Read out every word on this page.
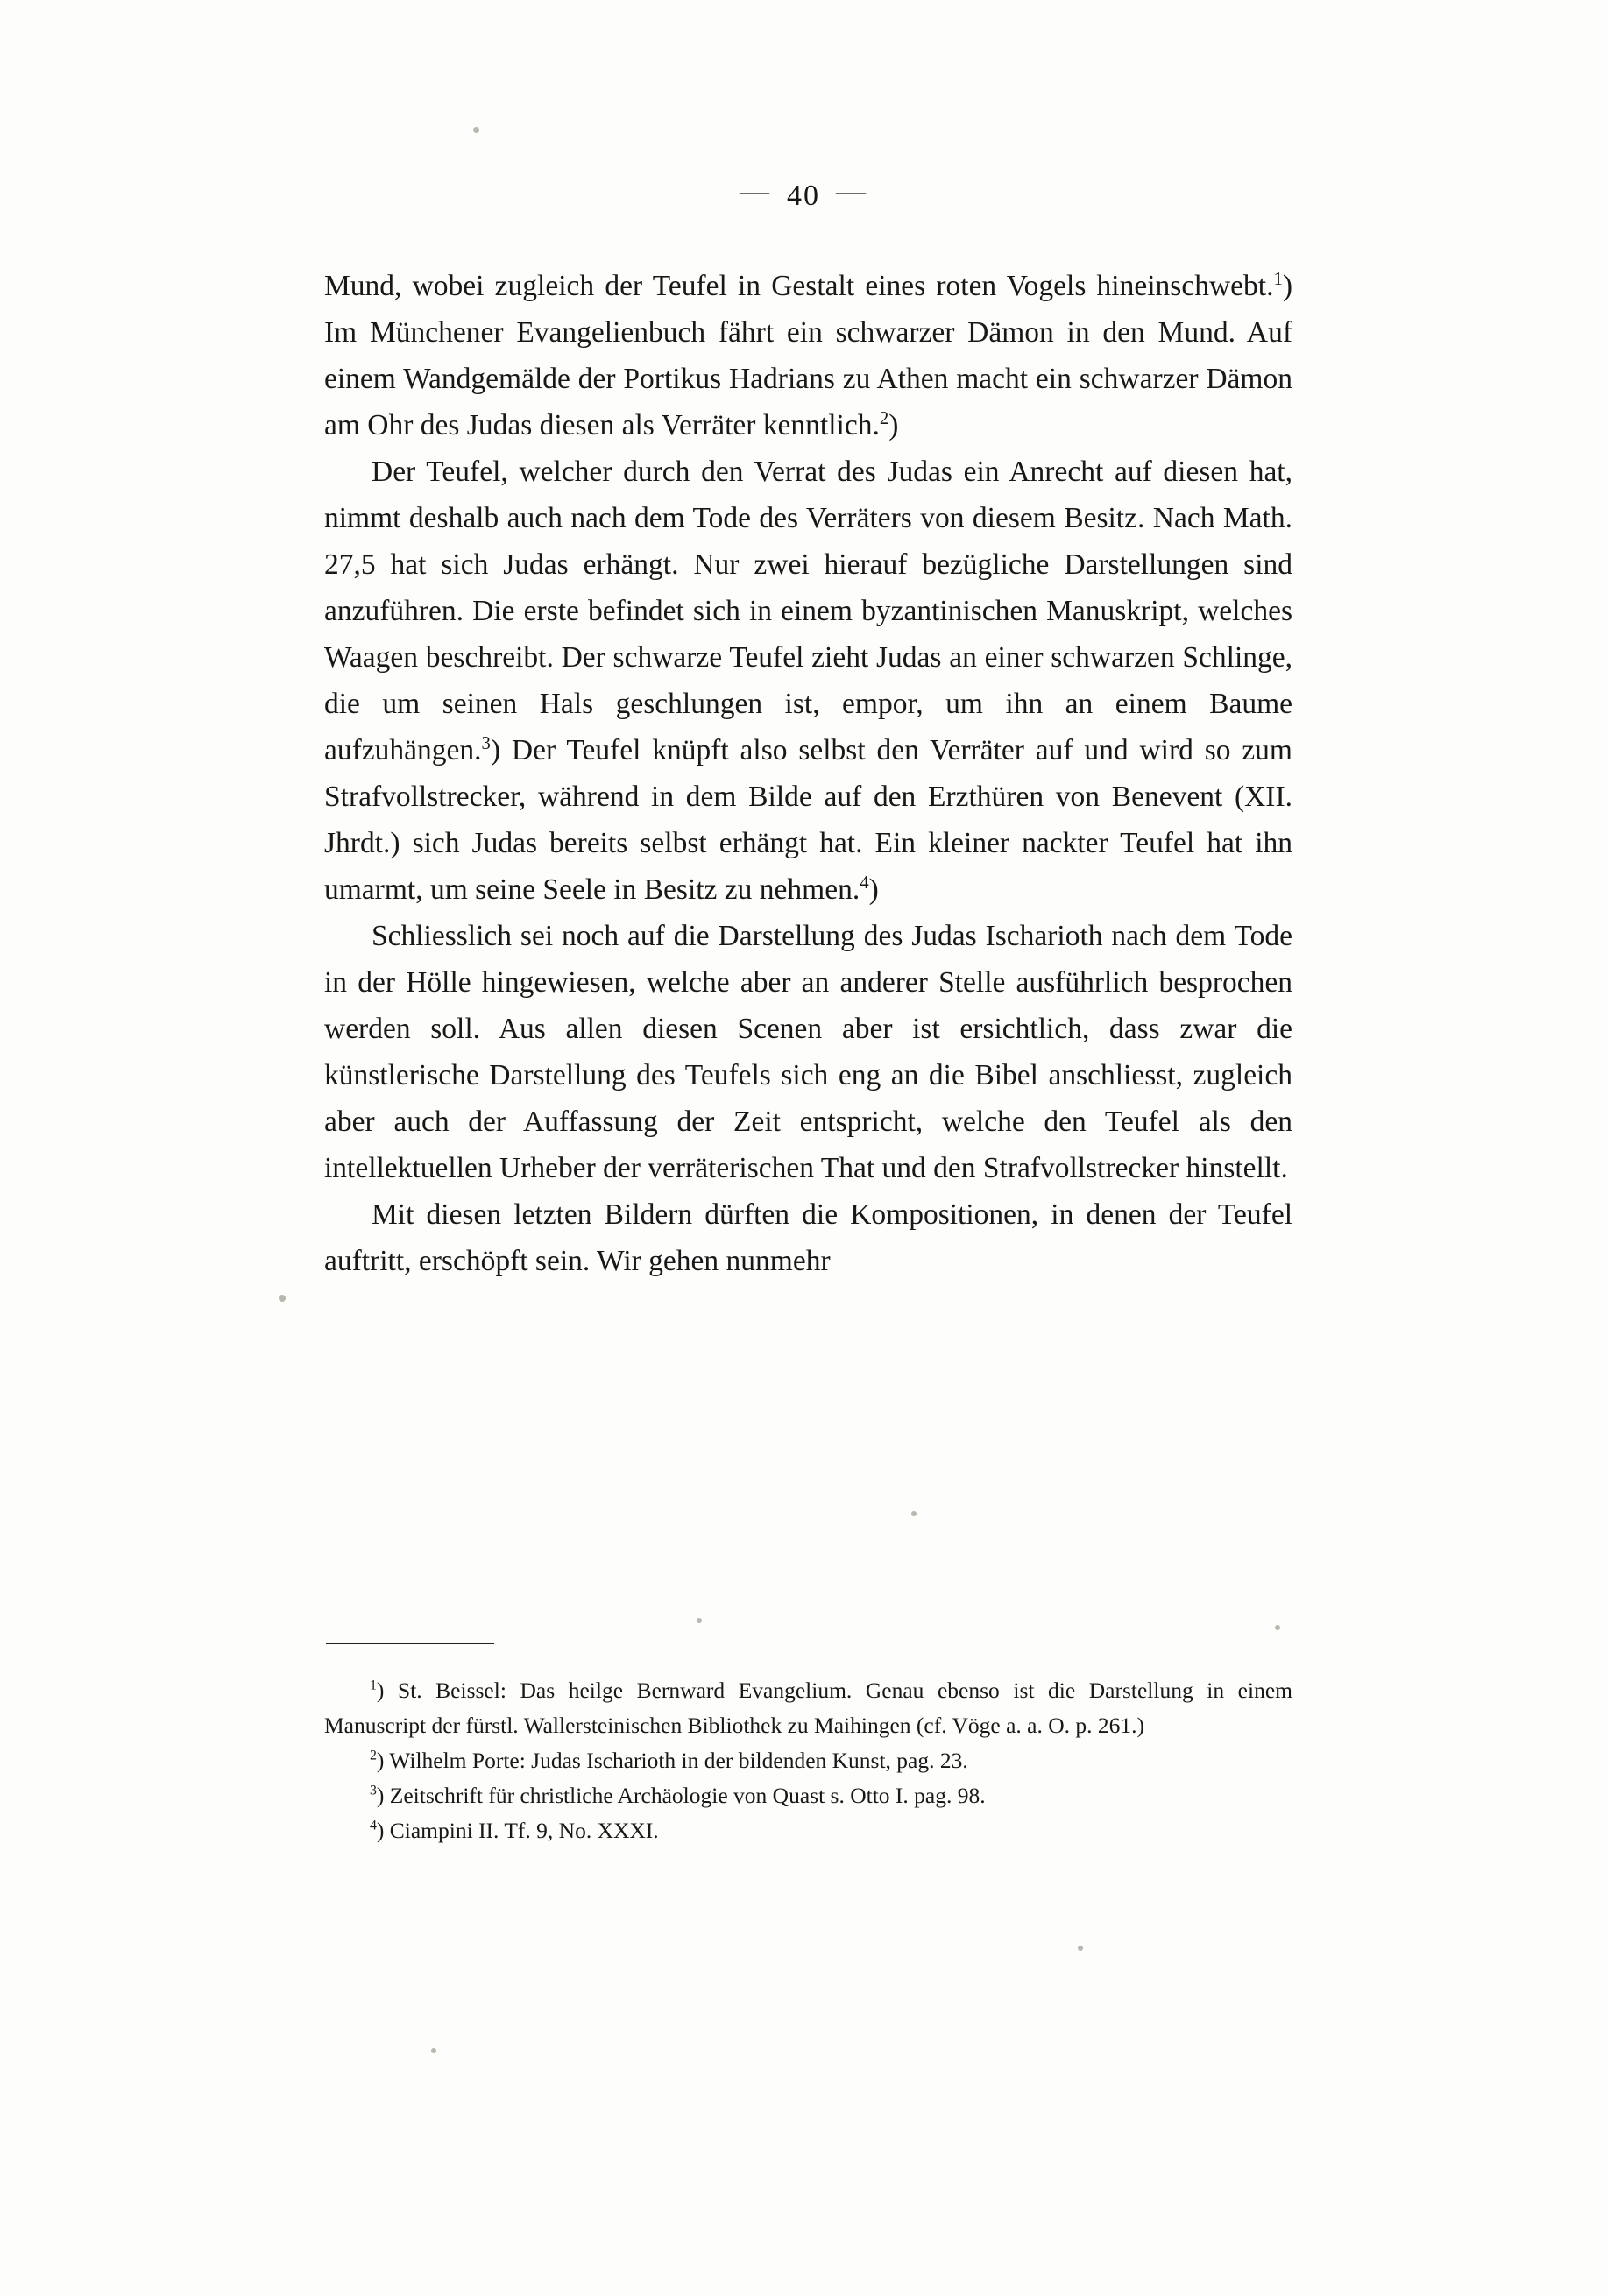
— 40 —

Mund, wobei zugleich der Teufel in Gestalt eines roten Vogels hineinschwebt.$^1$) Im Münchener Evangelienbuch fährt ein schwarzer Dämon in den Mund. Auf einem Wandgemälde der Portikus Hadrians zu Athen macht ein schwarzer Dämon am Ohr des Judas diesen als Verräter kenntlich.$^2$)

Der Teufel, welcher durch den Verrat des Judas ein Anrecht auf diesen hat, nimmt deshalb auch nach dem Tode des Verräters von diesem Besitz. Nach Math. 27,5 hat sich Judas erhängt. Nur zwei hierauf bezügliche Darstellungen sind anzuführen. Die erste befindet sich in einem byzantinischen Manuskript, welches Waagen beschreibt. Der schwarze Teufel zieht Judas an einer schwarzen Schlinge, die um seinen Hals geschlungen ist, empor, um ihn an einem Baume aufzuhängen.$^3$) Der Teufel knüpft also selbst den Verräter auf und wird so zum Strafvollstrecker, während in dem Bilde auf den Erzthüren von Benevent (XII. Jhrdt.) sich Judas bereits selbst erhängt hat. Ein kleiner nackter Teufel hat ihn umarmt, um seine Seele in Besitz zu nehmen.$^4$)

Schliesslich sei noch auf die Darstellung des Judas Ischarioth nach dem Tode in der Hölle hingewiesen, welche aber an anderer Stelle ausführlich besprochen werden soll. Aus allen diesen Scenen aber ist ersichtlich, dass zwar die künstlerische Darstellung des Teufels sich eng an die Bibel anschliesst, zugleich aber auch der Auffassung der Zeit entspricht, welche den Teufel als den intellektuellen Urheber der verräterischen That und den Strafvollstrecker hinstellt.

Mit diesen letzten Bildern dürften die Kompositionen, in denen der Teufel auftritt, erschöpft sein. Wir gehen nunmehr

$^1$) St. Beissel: Das heilge Bernward Evangelium. Genau ebenso ist die Darstellung in einem Manuscript der fürstl. Wallersteinischen Bibliothek zu Maihingen (cf. Vöge a. a. O. p. 261.)

$^2$) Wilhelm Porte: Judas Ischarioth in der bildenden Kunst, pag. 23.

$^3$) Zeitschrift für christliche Archäologie von Quast s. Otto I. pag. 98.

$^4$) Ciampini II. Tf. 9, No. XXXI.
